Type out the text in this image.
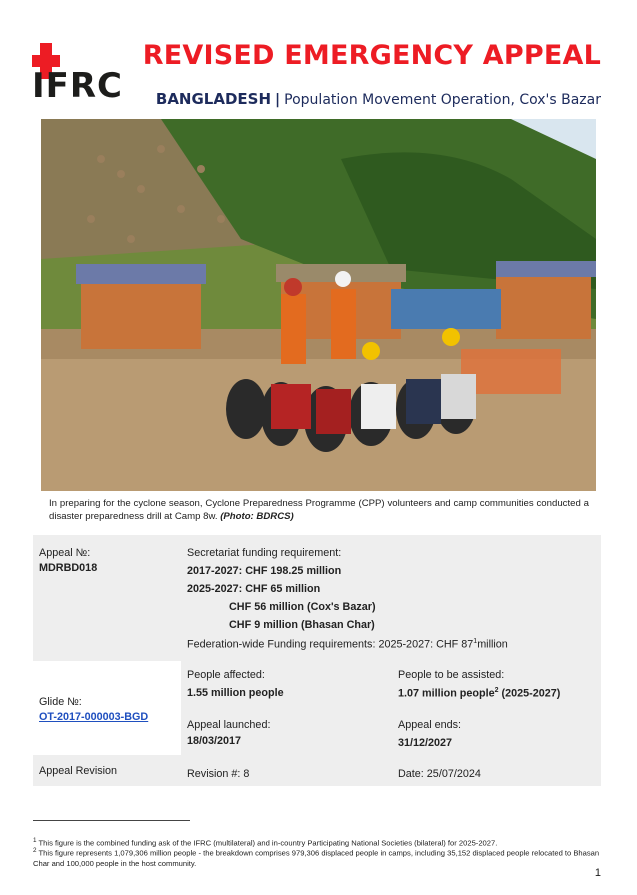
IFRC
REVISED EMERGENCY APPEAL
BANGLADESH | Population Movement Operation, Cox's Bazar
In preparing for the cyclone season, Cyclone Preparedness Programme (CPP) volunteers and camp communities conducted a disaster preparedness drill at Camp 8w. (Photo: BDRCS)
Appeal №:
MDRBD018
Secretariat funding requirement:
2017-2027: CHF 198.25 million
2025-2027: CHF 65 million
CHF 56 million (Cox's Bazar)
CHF 9 million (Bhasan Char)
Federation-wide Funding requirements: 2025-2027: CHF $87^1million$
People affected:
1.55 million people
People to be assisted:
1.07 million people$^2$ (2025-2027)
Glide №:
OT-2017-000003-BGD
Appeal launched:
18/03/2017
Appeal ends:
31/12/2027
Appeal Revision	Revision #: 8	Date: 25/07/2024
$^1$ This figure is the combined funding ask of the IFRC (multilateral) and in-country Participating National Societies (bilateral) for 2025-2027.
$^2$ This figure represents 1,079,306 million people - the breakdown comprises 979,306 displaced people in camps, including 35,152 displaced people relocated to Bhasan Char and 100,000 people in the host community.
1
